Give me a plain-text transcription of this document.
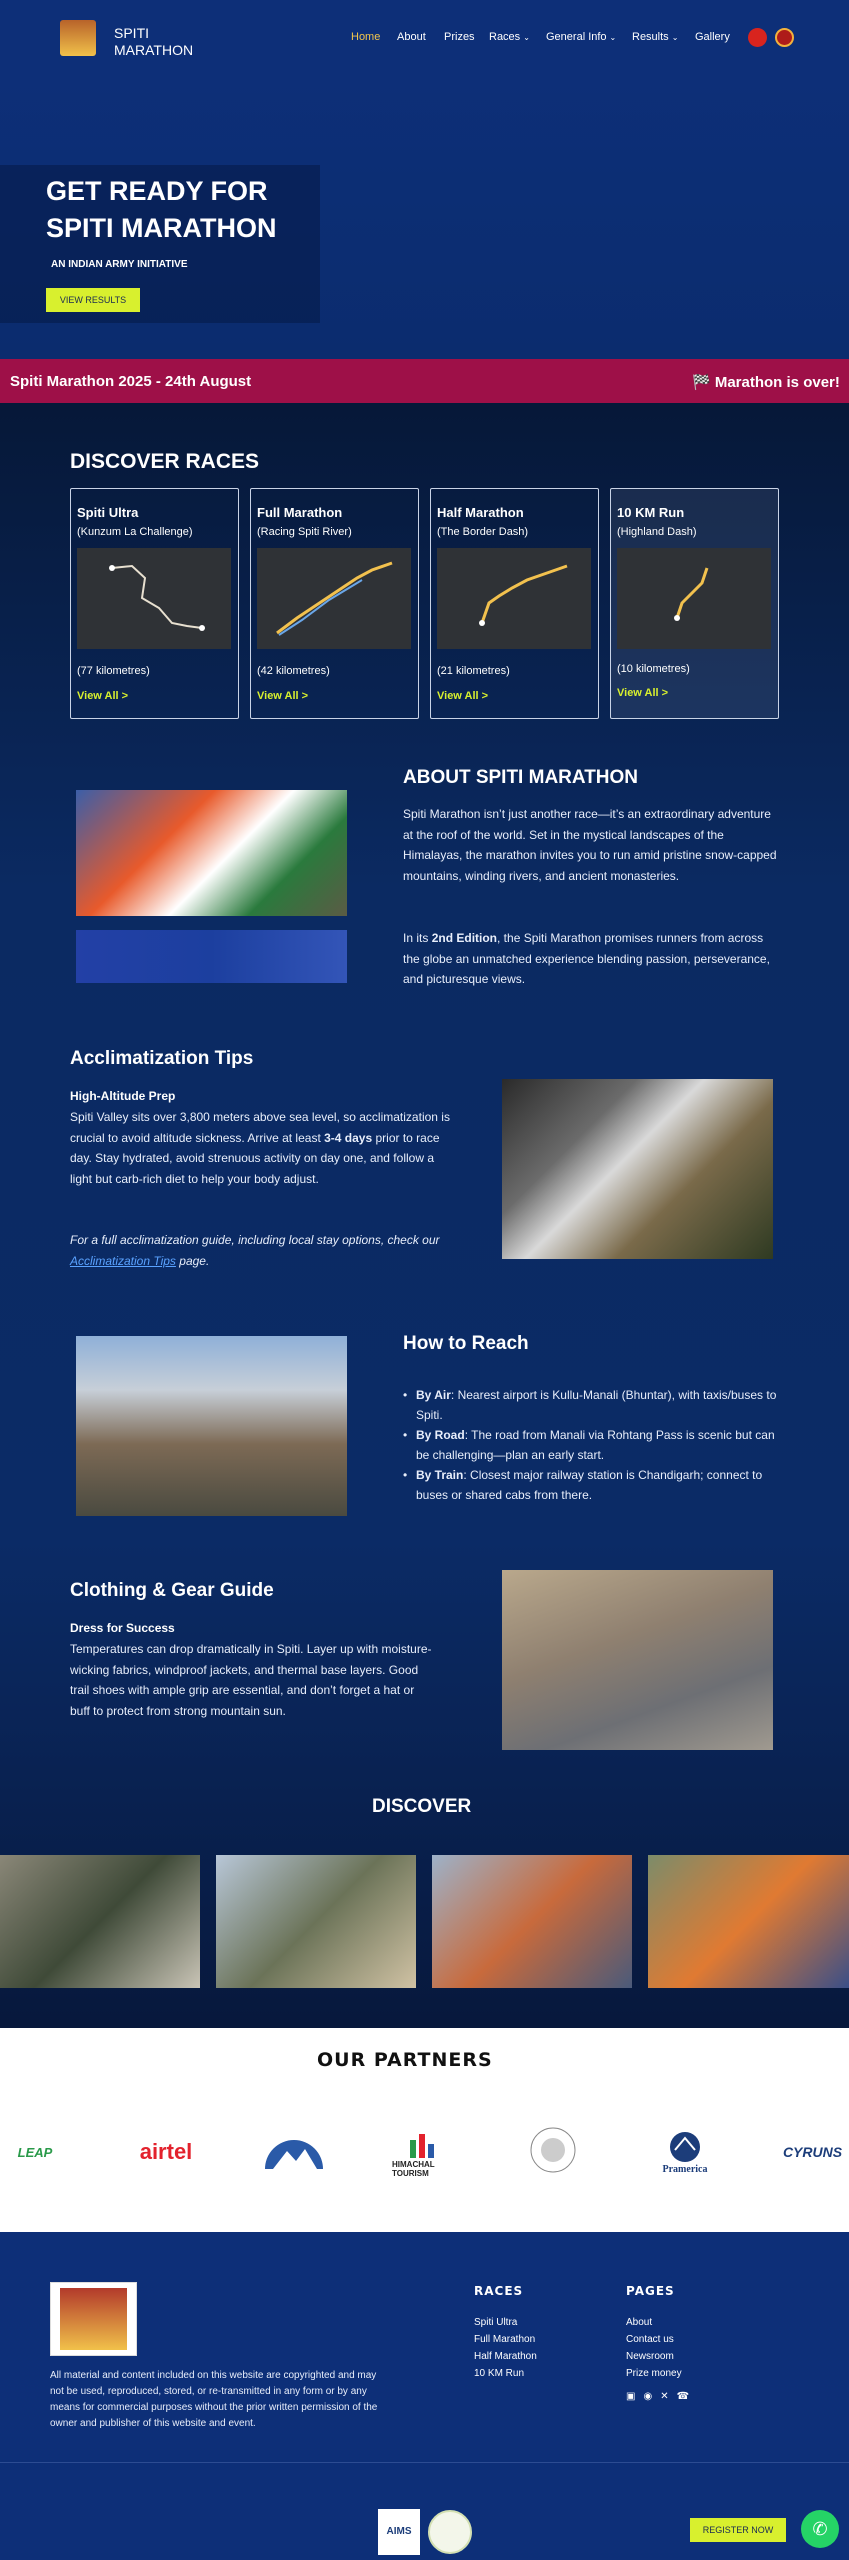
SPITI
MARATHON
Home About Prizes Races ⌄ General Info ⌄ Results ⌄ Gallery
GET READY FOR
SPITI MARATHON
AN INDIAN ARMY INITIATIVE
VIEW RESULTS
Spiti Marathon 2025 - 24th August	🏁 Marathon is over!
DISCOVER RACES
Spiti Ultra
(Kunzum La Challenge)
(77 kilometres)
View All >
Full Marathon
(Racing Spiti River)
(42 kilometres)
View All >
Half Marathon
(The Border Dash)
(21 kilometres)
View All >
10 KM Run
(Highland Dash)
(10 kilometres)
View All >
ABOUT SPITI MARATHON

Spiti Marathon isn’t just another race—it’s an extraordinary adventure at the roof of the world. Set in the mystical landscapes of the Himalayas, the marathon invites you to run amid pristine snow-capped mountains, winding rivers, and ancient monasteries.

In its 2nd Edition, the Spiti Marathon promises runners from across the globe an unmatched experience blending passion, perseverance, and picturesque views.

Acclimatization Tips
High-Altitude Prep

Spiti Valley sits over 3,800 meters above sea level, so acclimatization is crucial to avoid altitude sickness. Arrive at least 3-4 days prior to race day. Stay hydrated, avoid strenuous activity on day one, and follow a light but carb-rich diet to help your body adjust.

For a full acclimatization guide, including local stay options, check our Acclimatization Tips page.

How to Reach
• By Air: Nearest airport is Kullu-Manali (Bhuntar), with taxis/buses to Spiti.
• By Road: The road from Manali via Rohtang Pass is scenic but can be challenging—plan an early start.
• By Train: Closest major railway station is Chandigarh; connect to buses or shared cabs from there.
Clothing & Gear Guide
Dress for Success

Temperatures can drop dramatically in Spiti. Layer up with moisture-wicking fabrics, windproof jackets, and thermal base layers. Good trail shoes with ample grip are essential, and don’t forget a hat or buff to protect from strong mountain sun.

DISCOVER
OUR PARTNERS
LEAP	airtel
HIMACHAL TOURISM	Pramerica
CYRUNS

All material and content included on this website are copyrighted and may not be used, reproduced, stored, or re-transmitted in any form or by any means for commercial purposes without the prior written permission of the owner and publisher of this website and event.

RACES
Spiti Ultra
Full Marathon
Half Marathon
10 KM Run
PAGES
About
Contact us
Newsroom
Prize money
▣ ◉ ✕ ☎
AIMS	REGISTER NOW	✆
